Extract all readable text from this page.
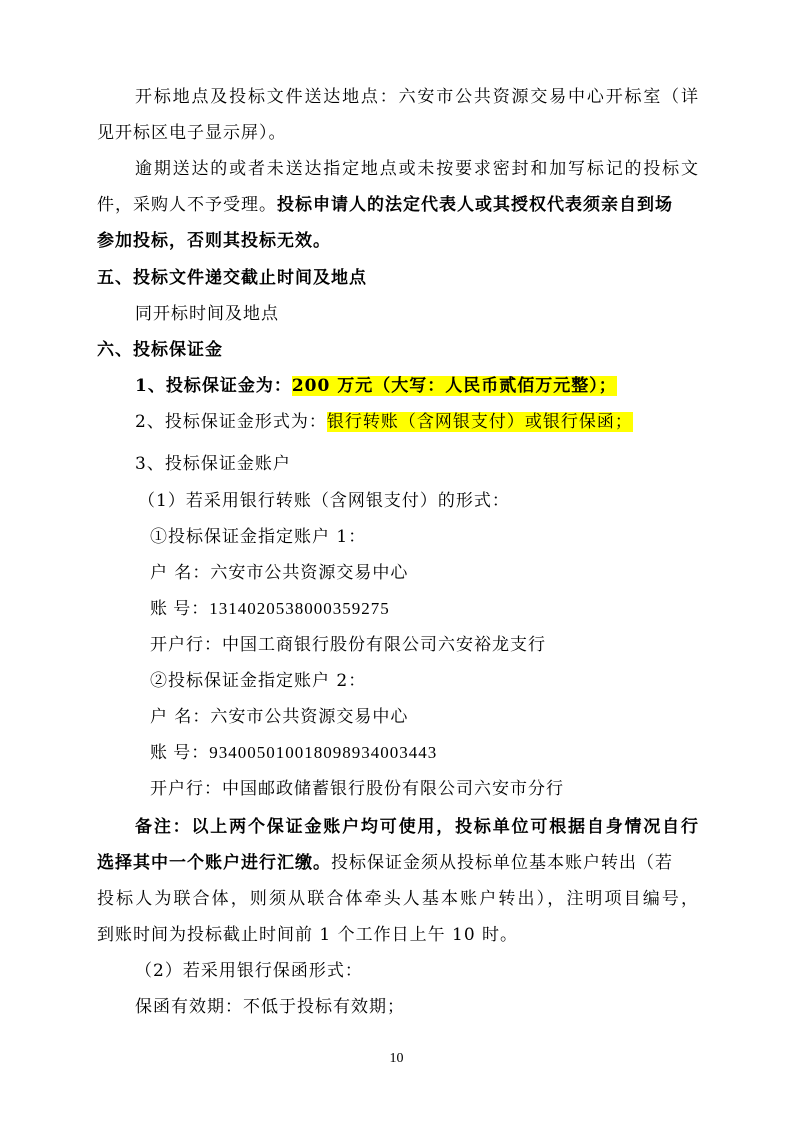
开标地点及投标文件送达地点：六安市公共资源交易中心开标室（详
见开标区电子显示屏）。
逾期送达的或者未送达指定地点或未按要求密封和加写标记的投标文
件，采购人不予受理。投标申请人的法定代表人或其授权代表须亲自到场
参加投标，否则其投标无效。
五、投标文件递交截止时间及地点
同开标时间及地点
六、投标保证金
1、投标保证金为：200 万元（大写：人民币贰佰万元整）；
2、投标保证金形式为：银行转账（含网银支付）或银行保函；
3、投标保证金账户
（1）若采用银行转账（含网银支付）的形式：
①投标保证金指定账户 1：
户 名：六安市公共资源交易中心
账 号：1314020538000359275
开户行：中国工商银行股份有限公司六安裕龙支行
②投标保证金指定账户 2：
户 名：六安市公共资源交易中心
账 号：934005010018098934003443
开户行：中国邮政储蓄银行股份有限公司六安市分行
备注：以上两个保证金账户均可使用，投标单位可根据自身情况自行
选择其中一个账户进行汇缴。投标保证金须从投标单位基本账户转出（若
投标人为联合体，则须从联合体牵头人基本账户转出），注明项目编号，
到账时间为投标截止时间前 1 个工作日上午 10 时。
（2）若采用银行保函形式：
保函有效期：不低于投标有效期；
10
